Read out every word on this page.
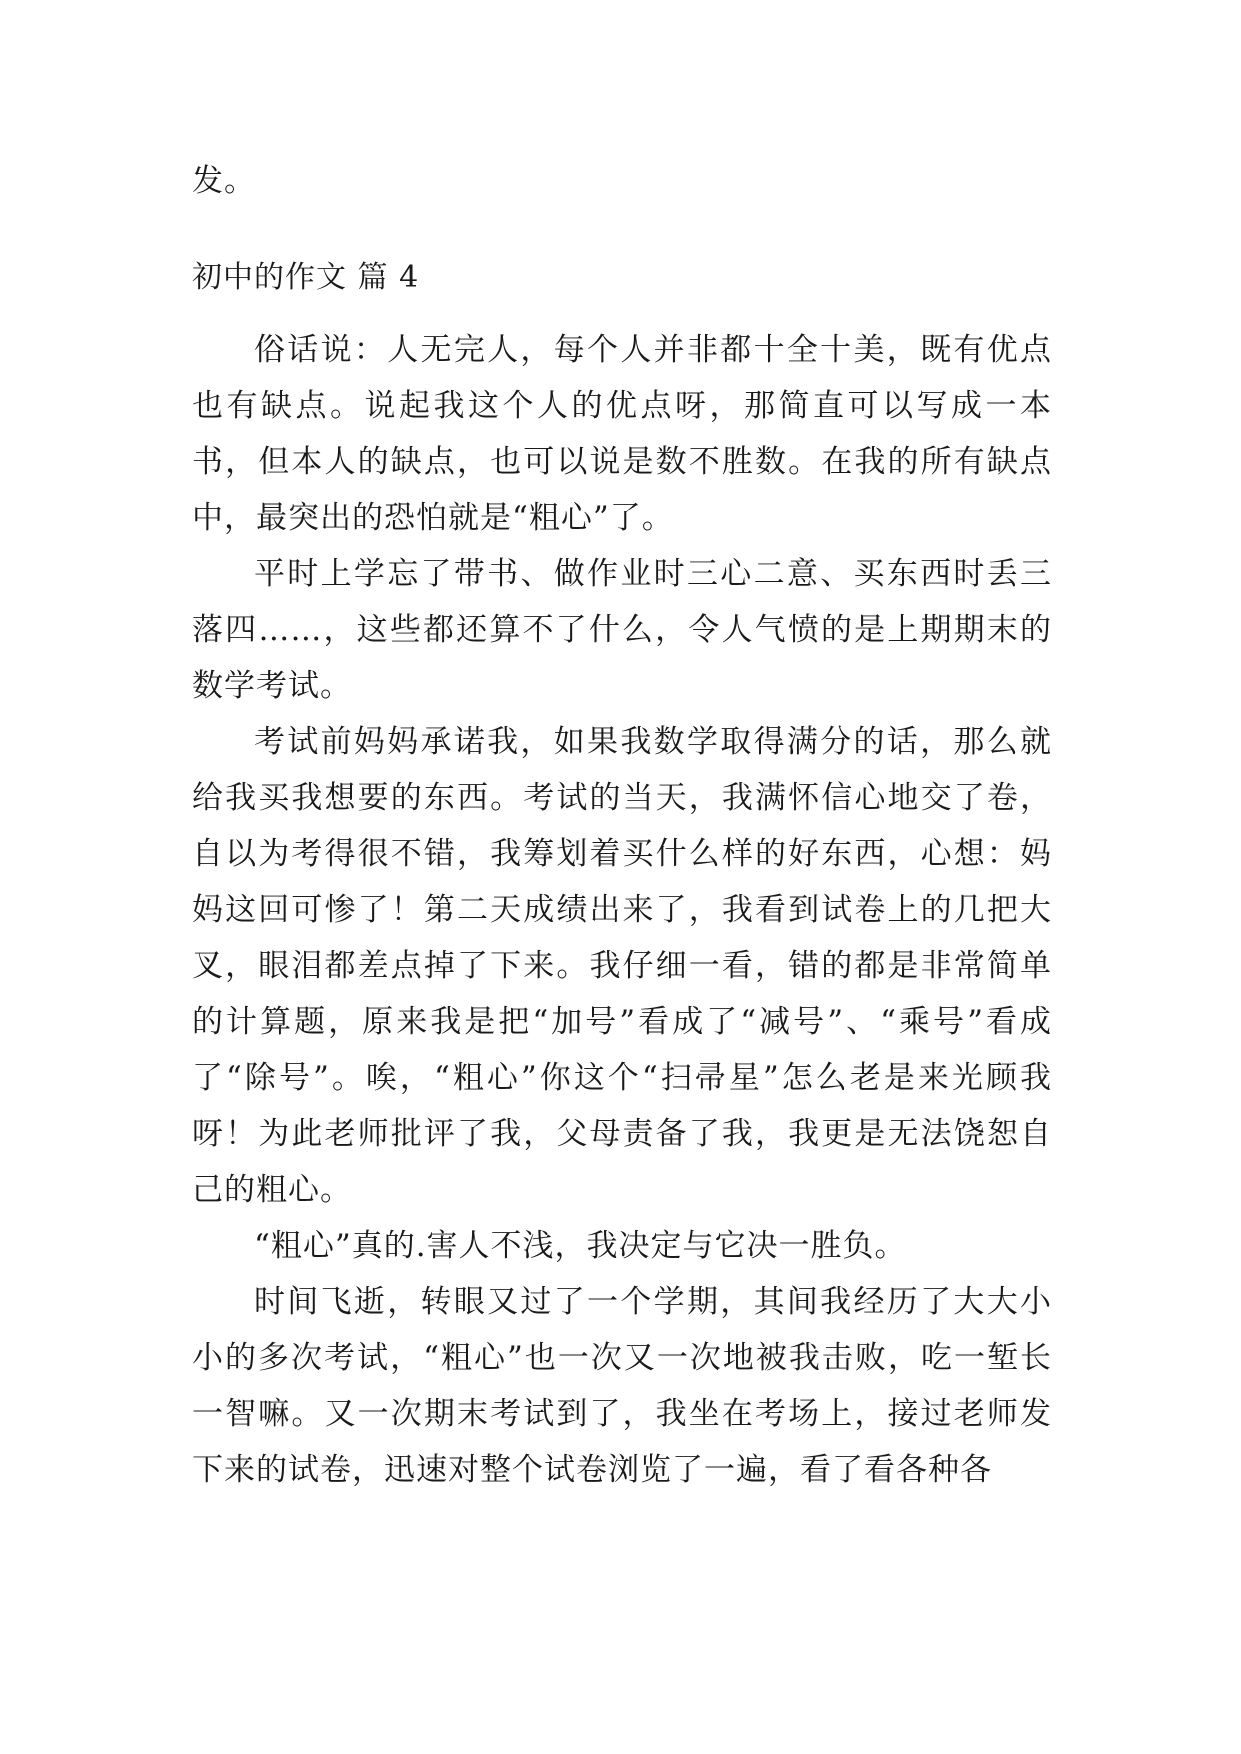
发。
初中的作文 篇 4

俗话说：人无完人，每个人并非都十全十美，既有优点也有缺点。说起我这个人的优点呀，那简直可以写成一本书，但本人的缺点，也可以说是数不胜数。在我的所有缺点中，最突出的恐怕就是“粗心”了。

平时上学忘了带书、做作业时三心二意、买东西时丢三落四……，这些都还算不了什么，令人气愤的是上期期末的数学考试。

考试前妈妈承诺我，如果我数学取得满分的话，那么就给我买我想要的东西。考试的当天，我满怀信心地交了卷，自以为考得很不错，我筹划着买什么样的好东西，心想：妈妈这回可惨了！第二天成绩出来了，我看到试卷上的几把大叉，眼泪都差点掉了下来。我仔细一看，错的都是非常简单的计算题，原来我是把“加号”看成了“减号”、“乘号”看成了“除号”。唉，“粗心”你这个“扫帚星”怎么老是来光顾我呀！为此老师批评了我，父母责备了我，我更是无法饶恕自己的粗心。

“粗心”真的.害人不浅，我决定与它决一胜负。

时间飞逝，转眼又过了一个学期，其间我经历了大大小小的多次考试，“粗心”也一次又一次地被我击败，吃一堑长一智嘛。又一次期末考试到了，我坐在考场上，接过老师发下来的试卷，迅速对整个试卷浏览了一遍，看了看各种各
